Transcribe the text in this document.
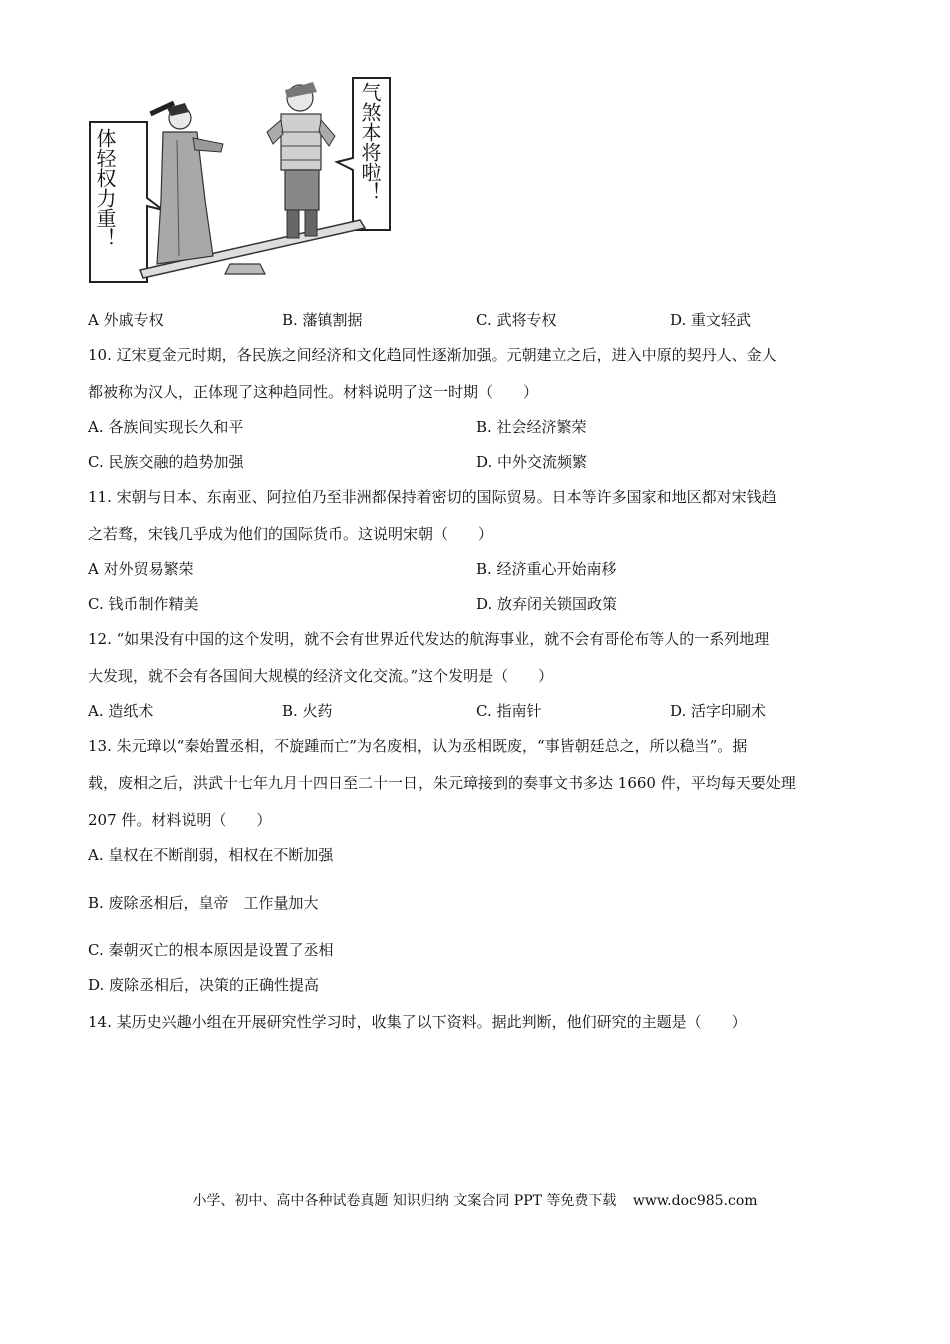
体轻权力重！	气煞本将啦！
A 外戚专权	B. 藩镇割据	C. 武将专权	D. 重文轻武
10. 辽宋夏金元时期，各民族之间经济和文化趋同性逐渐加强。元朝建立之后，进入中原的契丹人、金人
都被称为汉人，正体现了这种趋同性。材料说明了这一时期（　　）
A. 各族间实现长久和平	B. 社会经济繁荣
C. 民族交融的趋势加强	D. 中外交流频繁
11. 宋朝与日本、东南亚、阿拉伯乃至非洲都保持着密切的国际贸易。日本等许多国家和地区都对宋钱趋
之若骛，宋钱几乎成为他们的国际货币。这说明宋朝（　　）
A 对外贸易繁荣	B. 经济重心开始南移
C. 钱币制作精美	D. 放弃闭关锁国政策
12. “如果没有中国的这个发明，就不会有世界近代发达的航海事业，就不会有哥伦布等人的一系列地理
大发现，就不会有各国间大规模的经济文化交流。”这个发明是（　　）
A. 造纸术	B. 火药	C. 指南针	D. 活字印刷术
13. 朱元璋以“秦始置丞相，不旋踵而亡”为名废相，认为丞相既废，“事皆朝廷总之，所以稳当”。据
载，废相之后，洪武十七年九月十四日至二十一日，朱元璋接到的奏事文书多达 1660 件，平均每天要处理
207 件。材料说明（　　）
A. 皇权在不断削弱，相权在不断加强
B. 废除丞相后，皇帝　工作量加大
C. 秦朝灭亡的根本原因是设置了丞相
D. 废除丞相后，决策的正确性提高
14. 某历史兴趣小组在开展研究性学习时，收集了以下资料。据此判断，他们研究的主题是（　　）
小学、初中、高中各种试卷真题 知识归纳 文案合同 PPT 等免费下载 www.doc985.com
